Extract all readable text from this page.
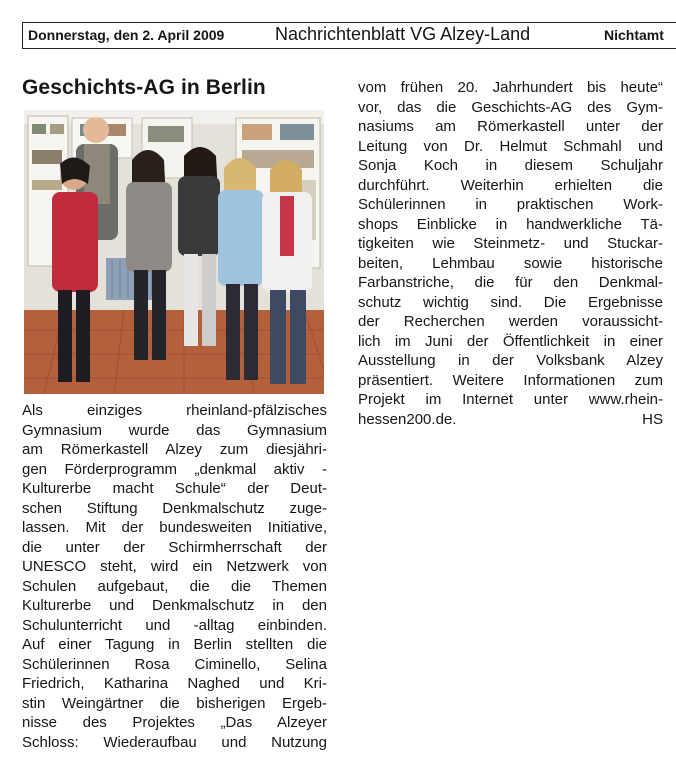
Donnerstag, den 2. April 2009	Nachrichtenblatt VG Alzey-Land	Nichtamt
Geschichts-AG in Berlin
Als einziges rheinland-pfälzisches
Gymnasium wurde das Gymnasium
am Römerkastell Alzey zum diesjähri-
gen Förderprogramm „denkmal aktiv -
Kulturerbe macht Schule“ der Deut-
schen Stiftung Denkmalschutz zuge-
lassen. Mit der bundesweiten Initiative,
die unter der Schirmherrschaft der
UNESCO steht, wird ein Netzwerk von
Schulen aufgebaut, die die Themen
Kulturerbe und Denkmalschutz in den
Schulunterricht und -alltag einbinden.
Auf einer Tagung in Berlin stellten die
Schülerinnen Rosa Ciminello, Selina
Friedrich, Katharina Naghed und Kri-
stin Weingärtner die bisherigen Ergeb-
nisse des Projektes „Das Alzeyer
Schloss: Wiederaufbau und Nutzung
vom frühen 20. Jahrhundert bis heute“
vor, das die Geschichts-AG des Gym-
nasiums am Römerkastell unter der
Leitung von Dr. Helmut Schmahl und
Sonja Koch in diesem Schuljahr
durchführt. Weiterhin erhielten die
Schülerinnen in praktischen Work-
shops Einblicke in handwerkliche Tä-
tigkeiten wie Steinmetz- und Stuckar-
beiten, Lehmbau sowie historische
Farbanstriche, die für den Denkmal-
schutz wichtig sind. Die Ergebnisse
der Recherchen werden voraussicht-
lich im Juni der Öffentlichkeit in einer
Ausstellung in der Volksbank Alzey
präsentiert. Weitere Informationen zum
Projekt im Internet unter www.rhein-
hessen200.de.	HS
